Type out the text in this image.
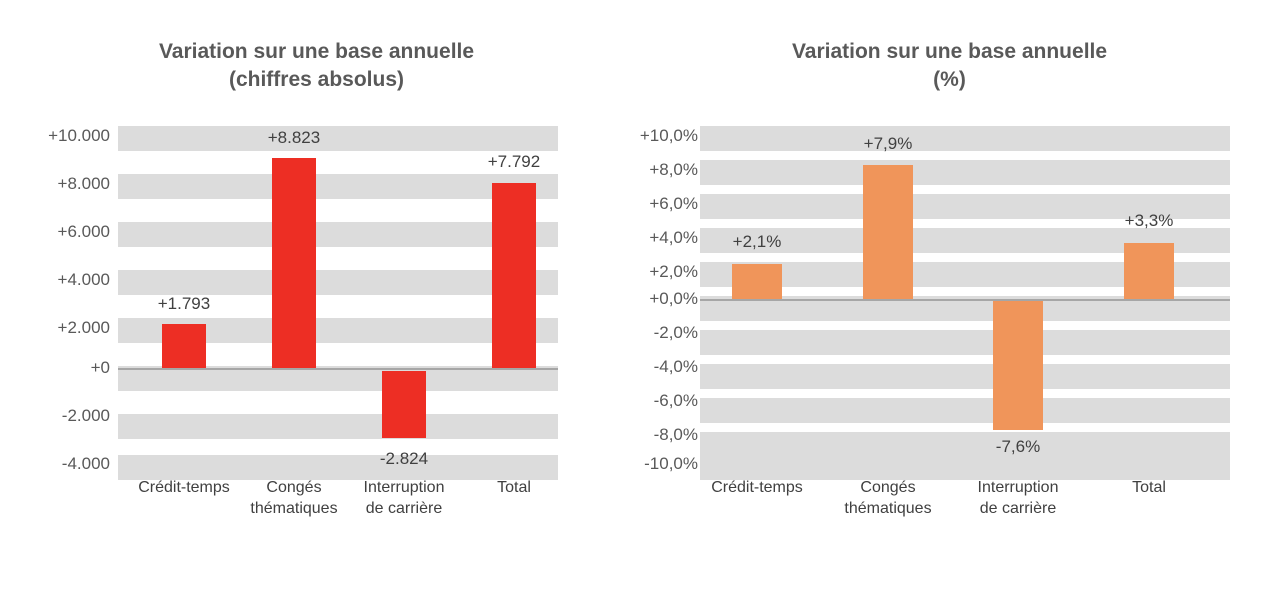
Variation sur une base annuelle
(chiffres absolus)
+10.000
+8.000
+6.000
+4.000
+2.000
+0
-2.000
-4.000
+1.793
+8.823
-2.824
+7.792
Crédit-temps	Congés
thématiques
Interruption
de carrière
Total
Variation sur une base annuelle
(%)
+10,0%
+8,0%
+6,0%
+4,0%
+2,0%
+0,0%
-2,0%
-4,0%
-6,0%
-8,0%
-10,0%
+2,1%
+7,9%
-7,6%
+3,3%
Crédit-temps	Congés
thématiques
Interruption
de carrière
Total
